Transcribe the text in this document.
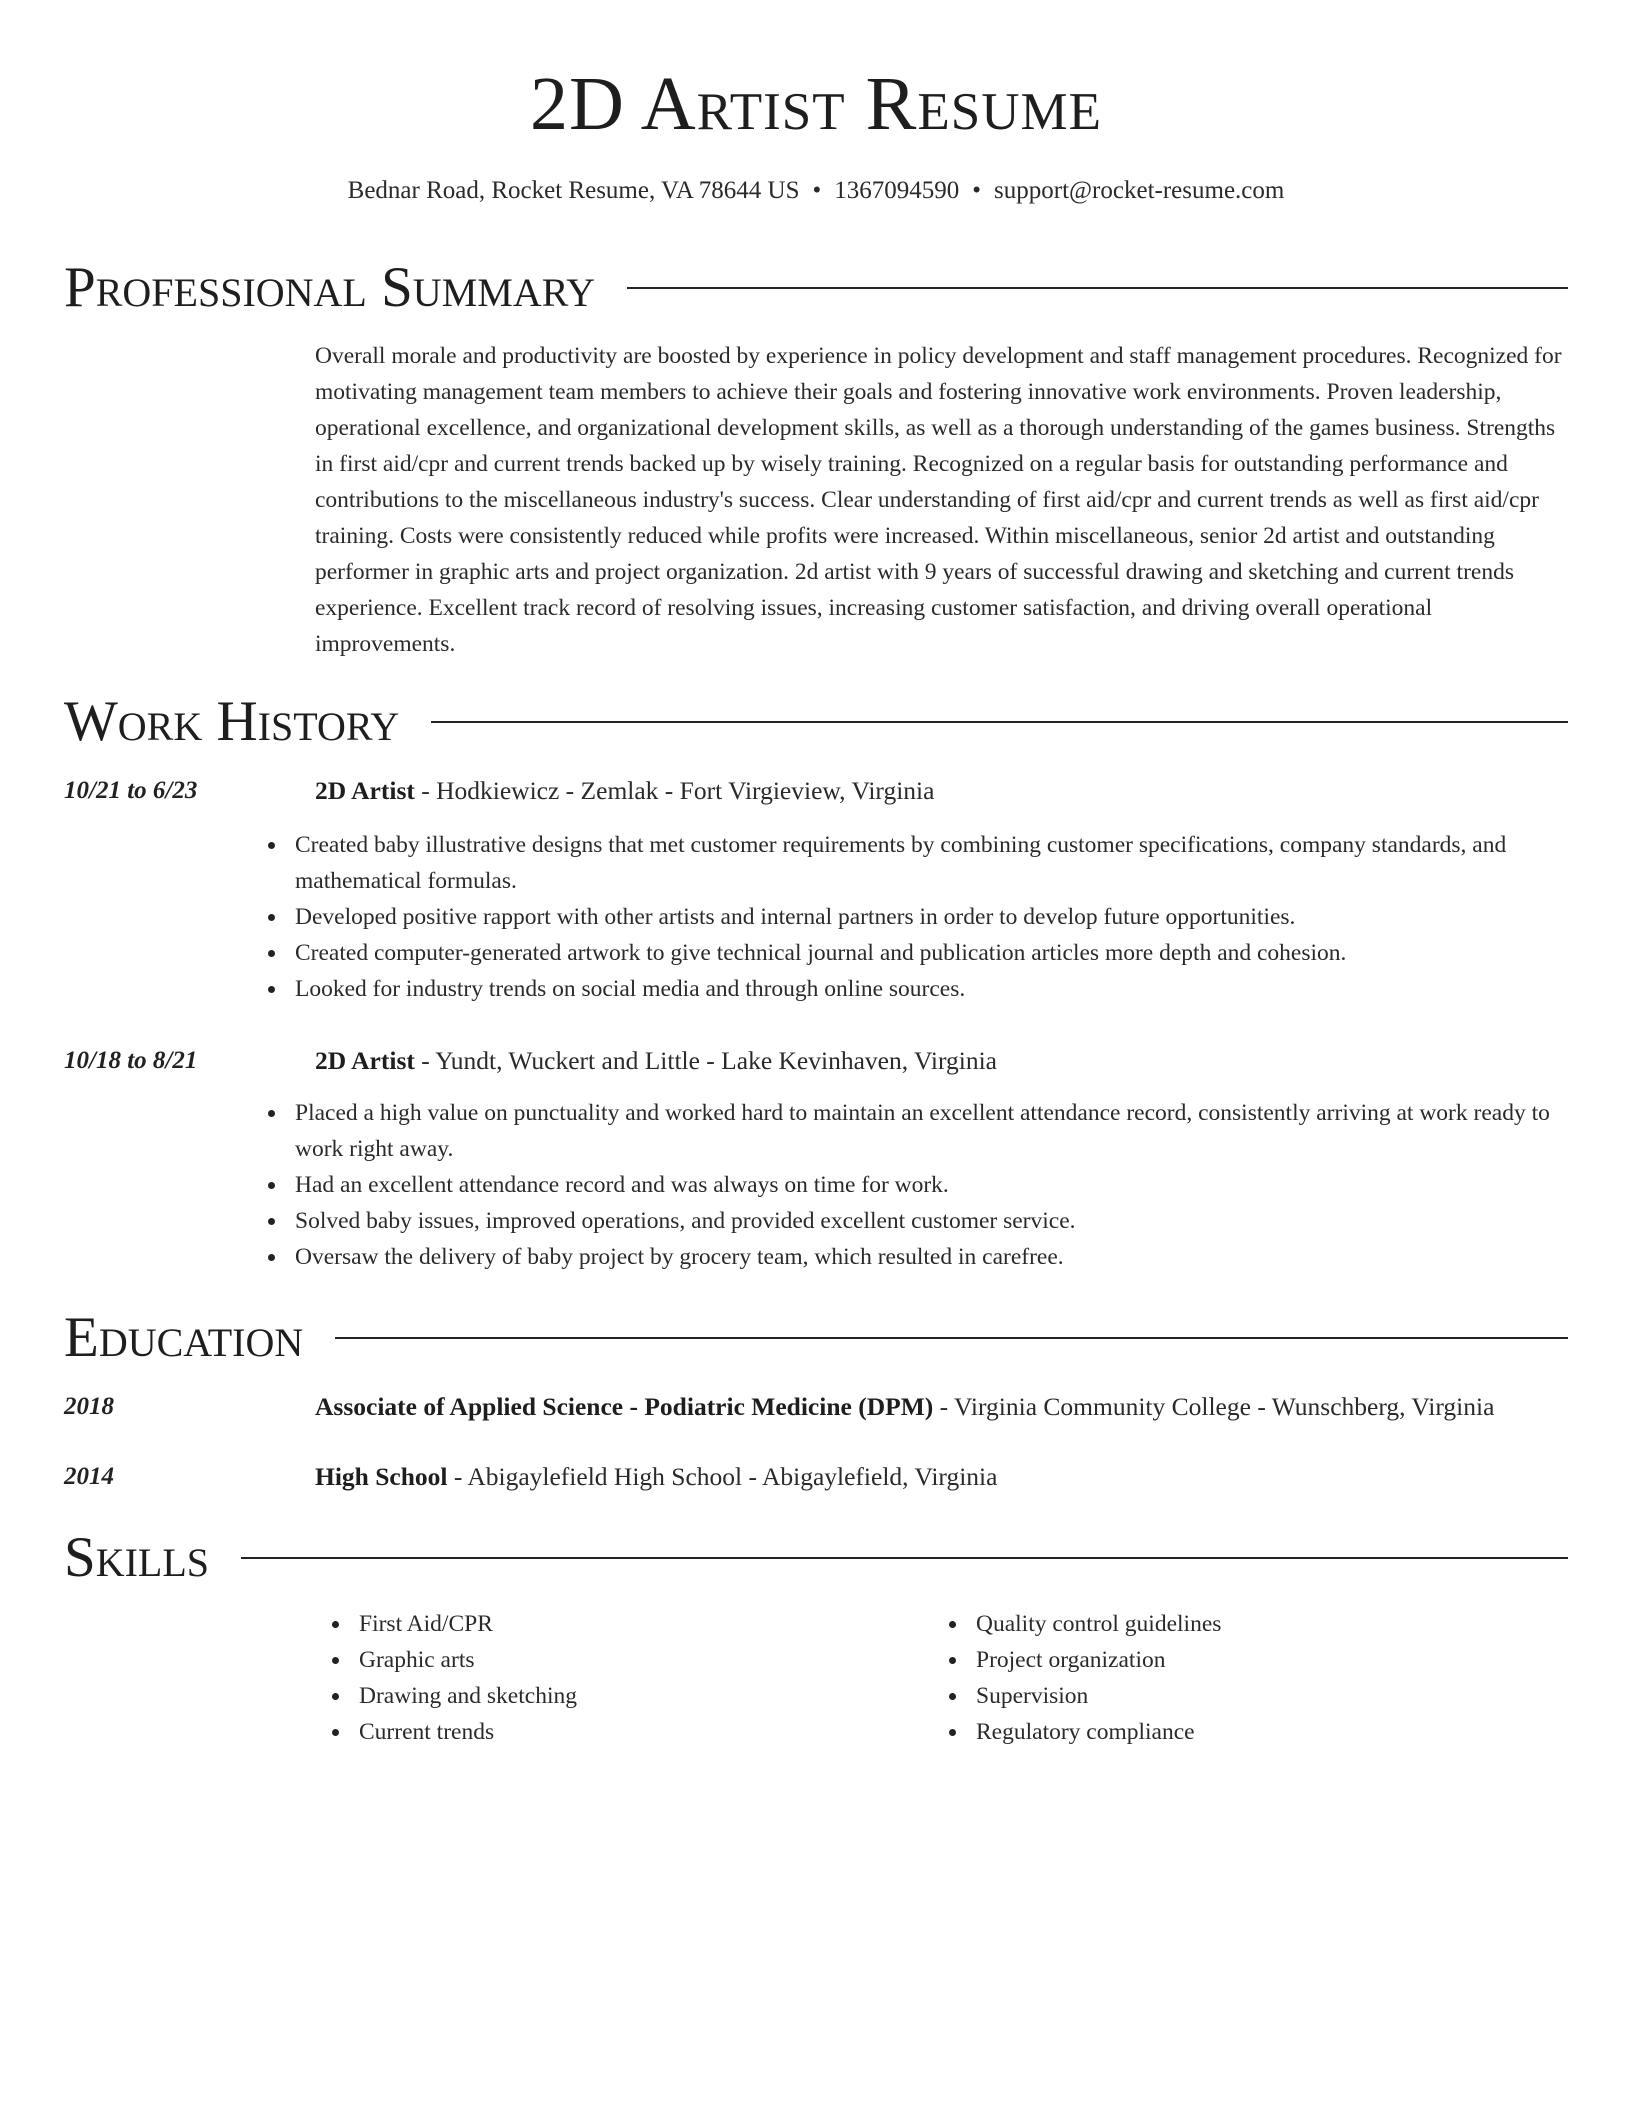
2D Artist Resume
Bednar Road, Rocket Resume, VA 78644 US • 1367094590 • support@rocket-resume.com
Professional Summary

Overall morale and productivity are boosted by experience in policy development and staff management procedures. Recognized for motivating management team members to achieve their goals and fostering innovative work environments. Proven leadership, operational excellence, and organizational development skills, as well as a thorough understanding of the games business. Strengths in first aid/cpr and current trends backed up by wisely training. Recognized on a regular basis for outstanding performance and contributions to the miscellaneous industry's success. Clear understanding of first aid/cpr and current trends as well as first aid/cpr training. Costs were consistently reduced while profits were increased. Within miscellaneous, senior 2d artist and outstanding performer in graphic arts and project organization. 2d artist with 9 years of successful drawing and sketching and current trends experience. Excellent track record of resolving issues, increasing customer satisfaction, and driving overall operational improvements.

Work History
10/21 to 6/23	2D Artist - Hodkiewicz - Zemlak - Fort Virgieview, Virginia
Created baby illustrative designs that met customer requirements by combining customer specifications, company standards, and mathematical formulas.
Developed positive rapport with other artists and internal partners in order to develop future opportunities.
Created computer-generated artwork to give technical journal and publication articles more depth and cohesion.
Looked for industry trends on social media and through online sources.
10/18 to 8/21	2D Artist - Yundt, Wuckert and Little - Lake Kevinhaven, Virginia
Placed a high value on punctuality and worked hard to maintain an excellent attendance record, consistently arriving at work ready to work right away.
Had an excellent attendance record and was always on time for work.
Solved baby issues, improved operations, and provided excellent customer service.
Oversaw the delivery of baby project by grocery team, which resulted in carefree.
Education
2018	Associate of Applied Science - Podiatric Medicine (DPM) - Virginia Community College - Wunschberg, Virginia
2014	High School - Abigaylefield High School - Abigaylefield, Virginia
Skills
First Aid/CPR
Graphic arts
Drawing and sketching
Current trends
Quality control guidelines
Project organization
Supervision
Regulatory compliance
